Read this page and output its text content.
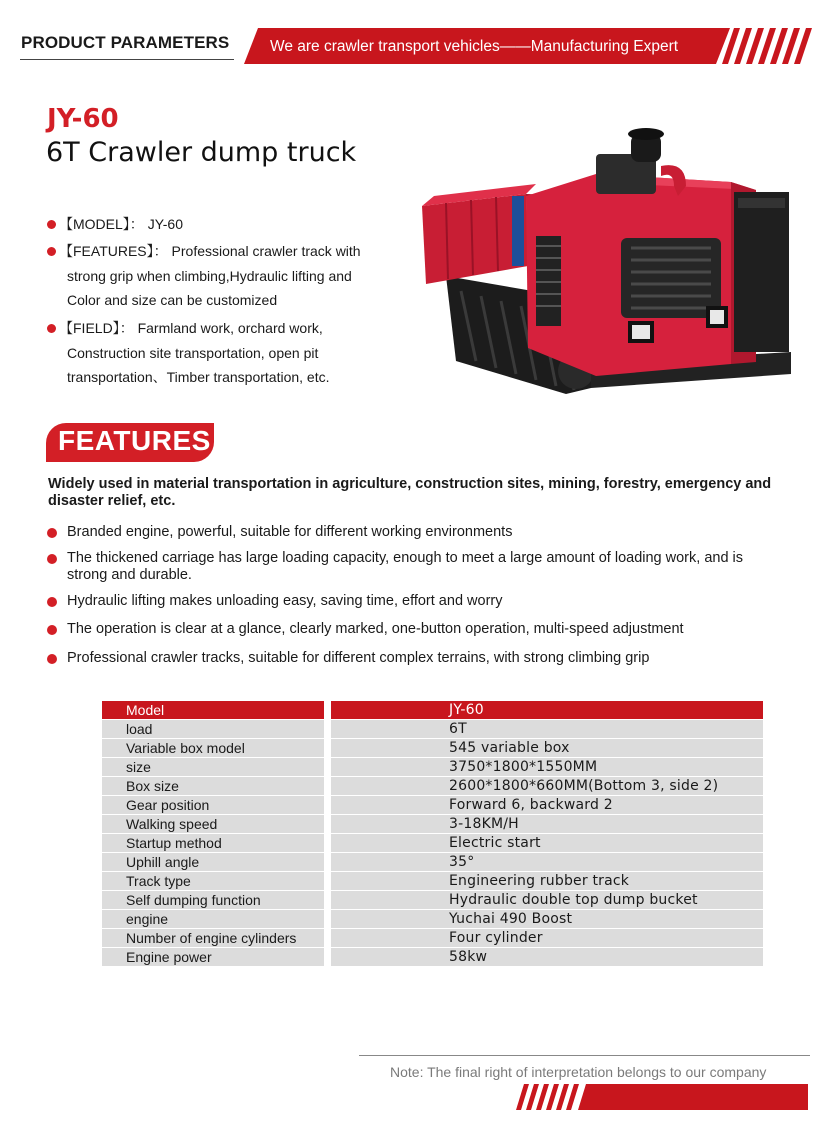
PRODUCT PARAMETERS	We are crawler transport vehicles——Manufacturing Expert
JY-60
6T Crawler dump truck
【MODEL】： JY-60
【FEATURES】： Professional crawler track with
strong grip when climbing,Hydraulic lifting and
Color and size can be customized
【FIELD】： Farmland work, orchard work,
Construction site transportation, open pit
transportation、Timber transportation, etc.
FEATURES
Widely used in material transportation in agriculture, construction sites, mining, forestry, emergency and disaster relief, etc.
Branded engine, powerful, suitable for different working environments
The thickened carriage has large loading capacity, enough to meet a large amount of loading work, and is strong and durable.
Hydraulic lifting makes unloading easy, saving time, effort and worry
The operation is clear at a glance, clearly marked, one-button operation, multi-speed adjustment
Professional crawler tracks, suitable for different complex terrains, with strong climbing grip
Model	JY-60
load	6T
Variable box model	545 variable box
size	3750*1800*1550MM
Box size	2600*1800*660MM(Bottom 3, side 2)
Gear position	Forward 6, backward 2
Walking speed	3-18KM/H
Startup method	Electric start
Uphill angle	35°
Track type	Engineering rubber track
Self dumping function	Hydraulic double top dump bucket
engine	Yuchai 490 Boost
Number of engine cylinders	Four cylinder
Engine power	58kw
Note: The final right of interpretation belongs to our company
